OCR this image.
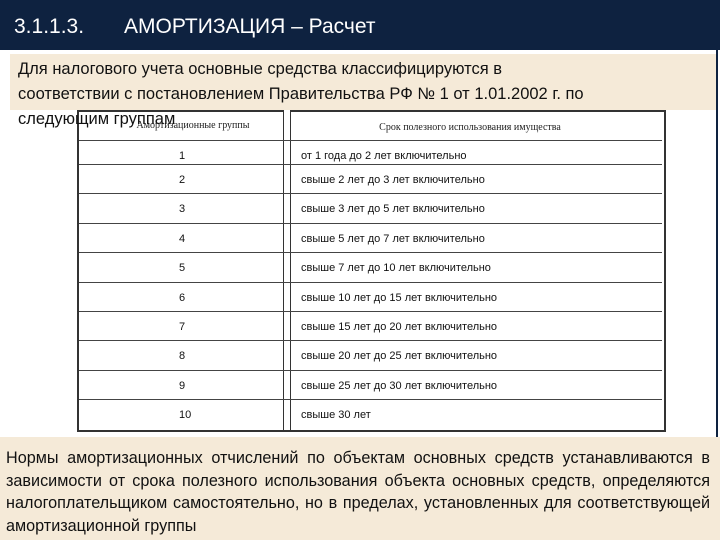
3.1.1.3. АМОРТИЗАЦИЯ – Расчет
Амортизационные группы	Срок полезного использования имущества
1	от 1 года до 2 лет включительно
2	свыше 2 лет до 3 лет включительно
3	свыше 3 лет до 5 лет включительно
4	свыше 5 лет до 7 лет включительно
5	свыше 7 лет до 10 лет включительно
6	свыше 10 лет до 15 лет включительно
7	свыше 15 лет до 20 лет включительно
8	свыше 20 лет до 25 лет включительно
9	свыше 25 лет до 30 лет включительно
10	свыше 30 лет
Для налогового учета основные средства классифицируются в
соответствии с постановлением Правительства РФ № 1 от 1.01.2002 г. по
следующим группам
Нормы амортизационных отчислений по объектам основных средств устанавливаются в зависимости от срока полезного использования объекта основных средств, определяются налогоплательщиком самостоятельно, но в пределах, установленных для соответствующей амортизационной группы
